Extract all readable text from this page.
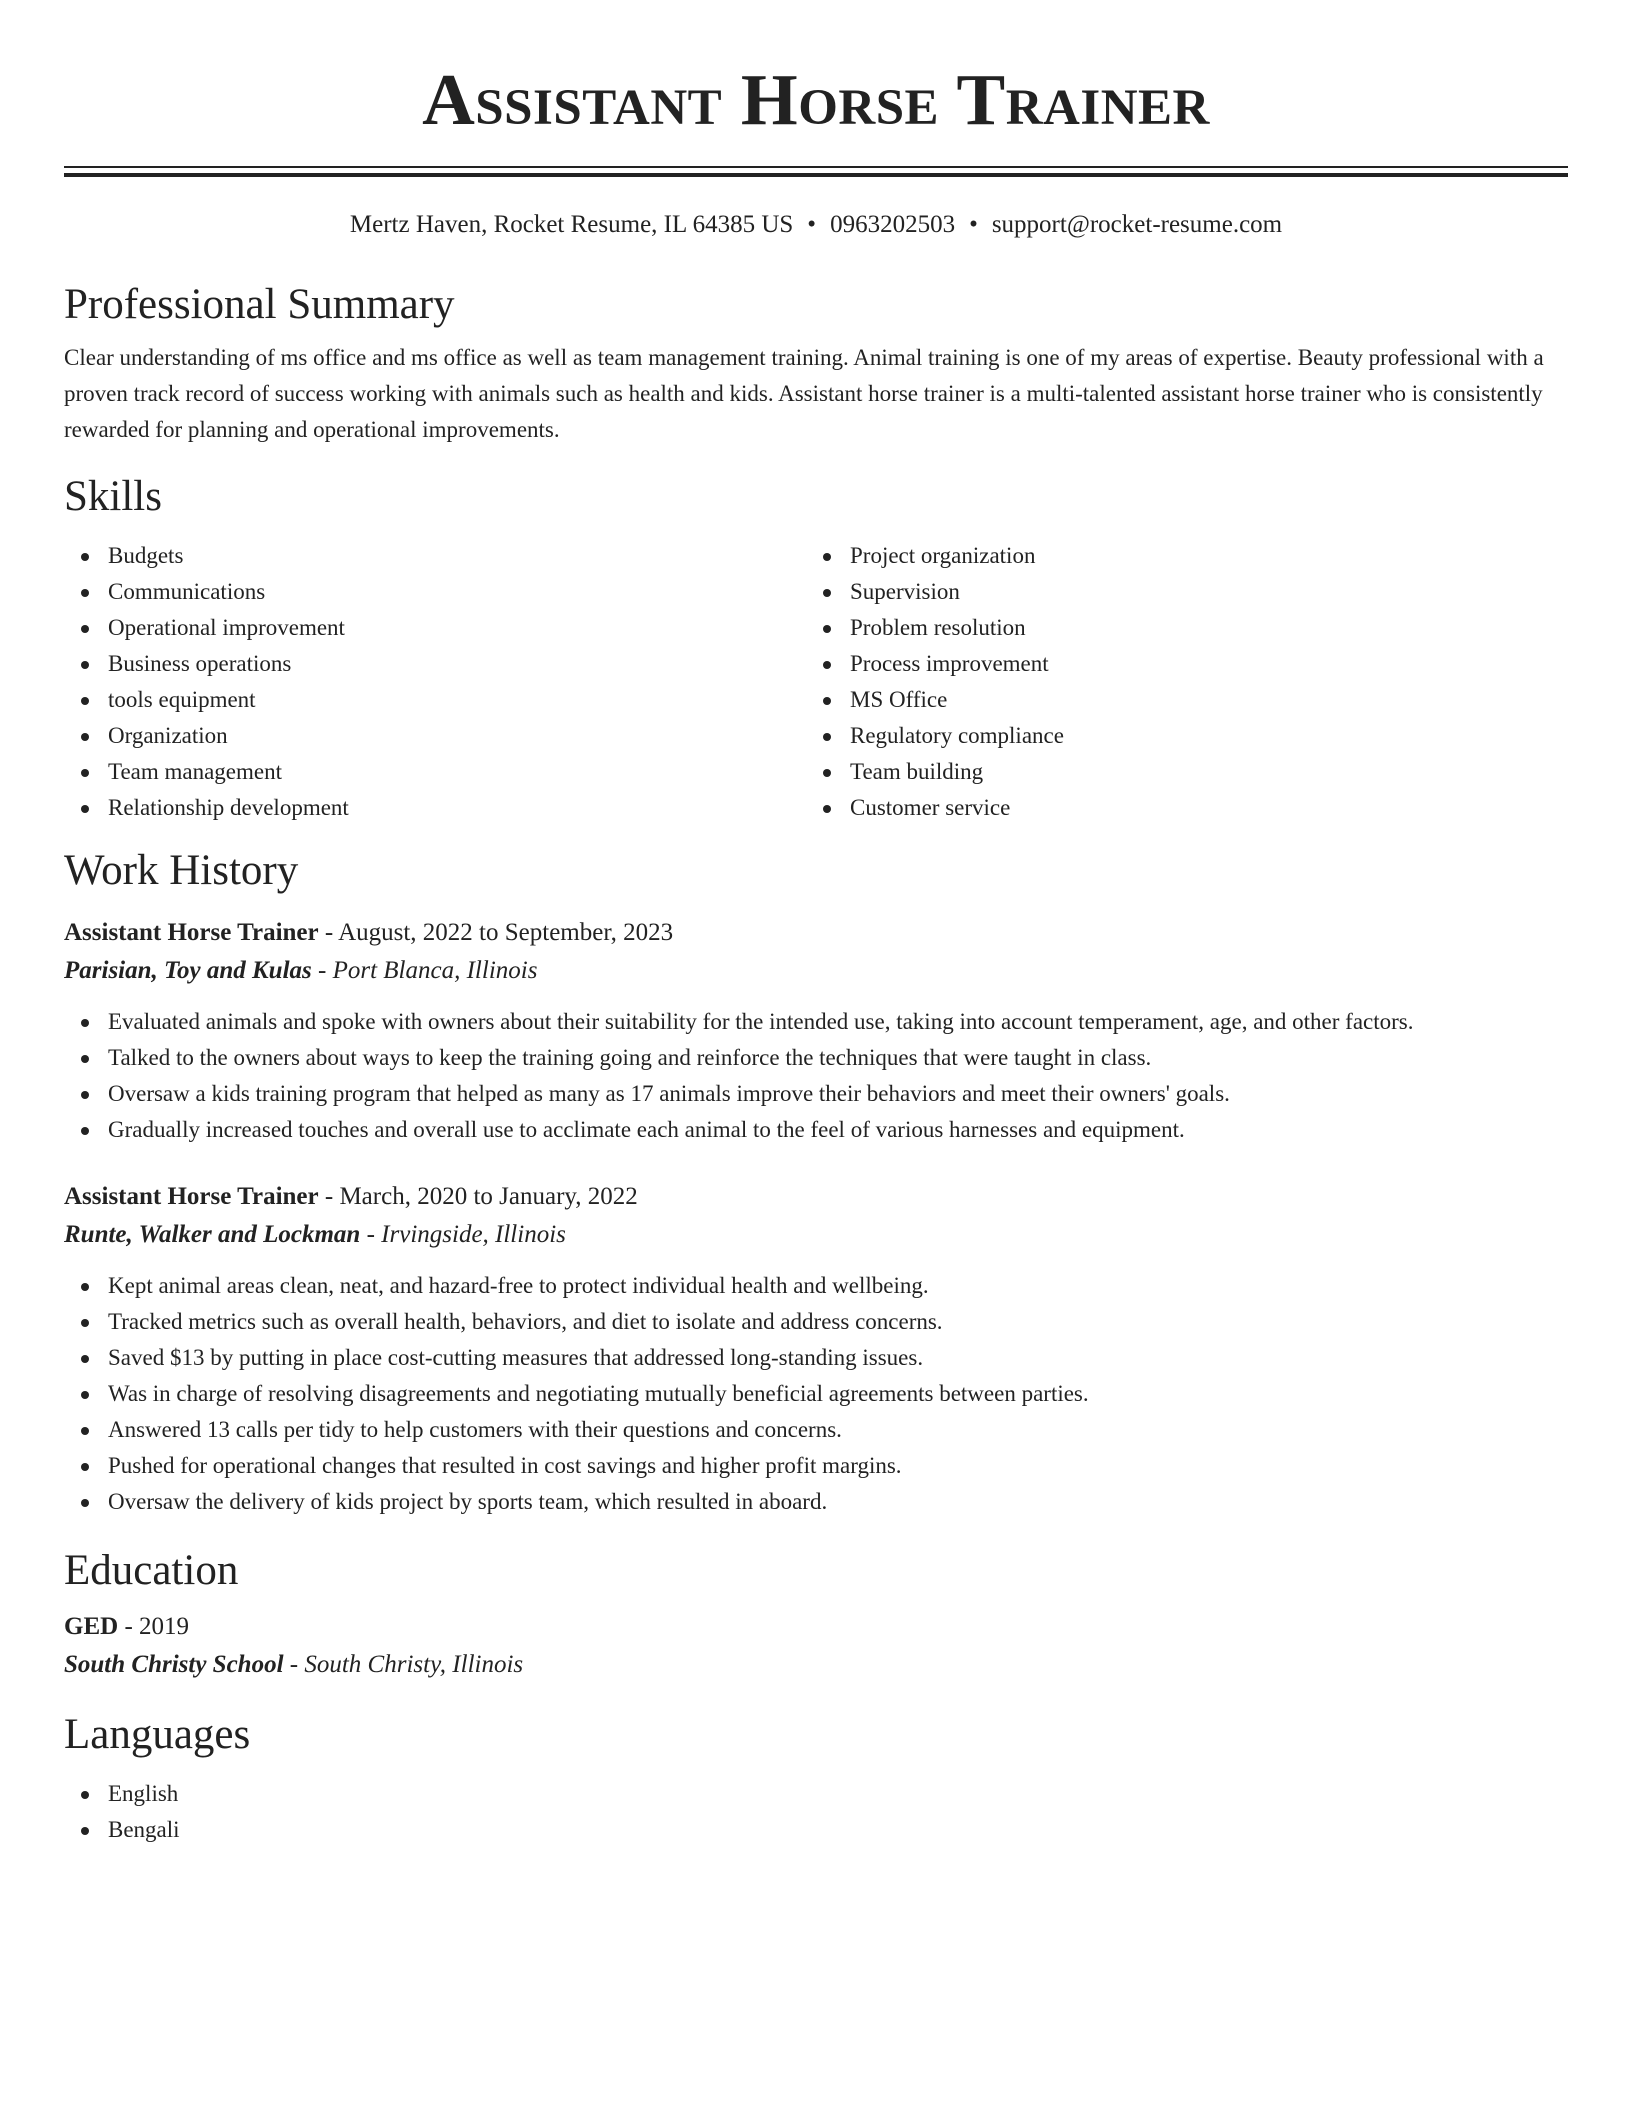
Assistant Horse Trainer
Mertz Haven, Rocket Resume, IL 64385 US • 0963202503 • support@rocket-resume.com
Professional Summary
Clear understanding of ms office and ms office as well as team management training. Animal training is one of my areas of expertise. Beauty professional with a proven track record of success working with animals such as health and kids. Assistant horse trainer is a multi-talented assistant horse trainer who is consistently rewarded for planning and operational improvements.
Skills
Budgets
Communications
Operational improvement
Business operations
tools equipment
Organization
Team management
Relationship development
Project organization
Supervision
Problem resolution
Process improvement
MS Office
Regulatory compliance
Team building
Customer service
Work History
Assistant Horse Trainer - August, 2022 to September, 2023
Parisian, Toy and Kulas - Port Blanca, Illinois
Evaluated animals and spoke with owners about their suitability for the intended use, taking into account temperament, age, and other factors.
Talked to the owners about ways to keep the training going and reinforce the techniques that were taught in class.
Oversaw a kids training program that helped as many as 17 animals improve their behaviors and meet their owners' goals.
Gradually increased touches and overall use to acclimate each animal to the feel of various harnesses and equipment.
Assistant Horse Trainer - March, 2020 to January, 2022
Runte, Walker and Lockman - Irvingside, Illinois
Kept animal areas clean, neat, and hazard-free to protect individual health and wellbeing.
Tracked metrics such as overall health, behaviors, and diet to isolate and address concerns.
Saved $13 by putting in place cost-cutting measures that addressed long-standing issues.
Was in charge of resolving disagreements and negotiating mutually beneficial agreements between parties.
Answered 13 calls per tidy to help customers with their questions and concerns.
Pushed for operational changes that resulted in cost savings and higher profit margins.
Oversaw the delivery of kids project by sports team, which resulted in aboard.
Education
GED - 2019
South Christy School - South Christy, Illinois
Languages
English
Bengali
